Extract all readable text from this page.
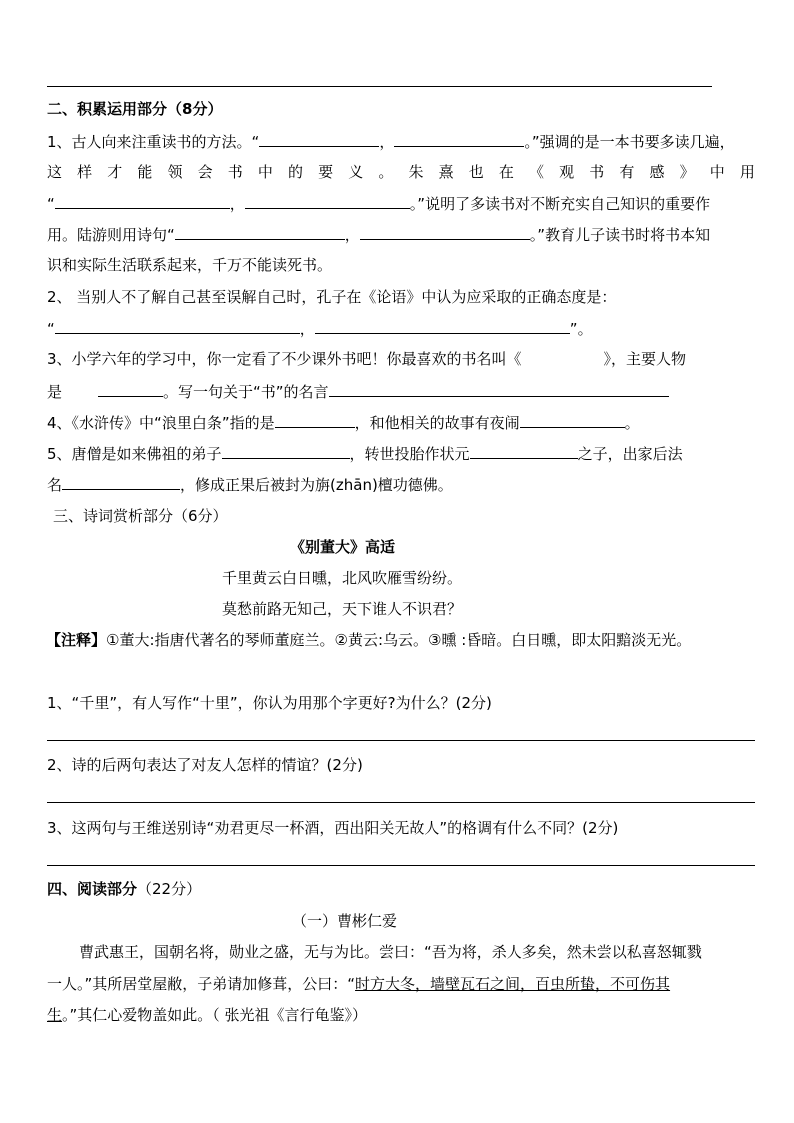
二、积累运用部分（8分）
1、古人向来注重读书的方法。“	，	。”强调的是一本书要多读几遍，
这 样 才 能 领 会 书 中 的 要 义 。 朱 熹 也 在 《 观 书 有 感 》 中 用
“	，	。”说明了多读书对不断充实自己知识的重要作
用。陆游则用诗句“	，	。”教育儿子读书时将书本知
识和实际生活联系起来，千万不能读死书。
2、 当别人不了解自己甚至误解自己时，孔子在《论语》中认为应采取的正确态度是：
“	，	”。
3、小学六年的学习中，你一定看了不少课外书吧！你最喜欢的书名叫《	》，主要人物
是	。写一句关于“书”的名言
4、《水浒传》中“浪里白条”指的是	，和他相关的故事有夜闹	。
5、唐僧是如来佛祖的弟子	，转世投胎作状元	之子，出家后法
名	，修成正果后被封为旃(zhān)檀功德佛。
三、诗词赏析部分（6分）
《别董大》高适
千里黄云白日曛，北风吹雁雪纷纷。
莫愁前路无知己，天下谁人不识君？
【注释】①董大:指唐代著名的琴师董庭兰。②黄云:乌云。③曛 :昏暗。白日曛，即太阳黯淡无光。
1、“千里”，有人写作“十里”，你认为用那个字更好?为什么？(2分)
2、诗的后两句表达了对友人怎样的情谊？(2分)
3、这两句与王维送别诗“劝君更尽一杯酒，西出阳关无故人”的格调有什么不同？(2分)
四、阅读部分（22分）
（一）曹彬仁爱
曹武惠王，国朝名将，勋业之盛，无与为比。尝曰：“吾为将，杀人多矣，然未尝以私喜怒辄戮
一人。”其所居堂屋敝，子弟请加修葺，公曰：“时方大冬，墙壁瓦石之间，百虫所蛰，不可伤其
生。”其仁心爱物盖如此。（ 张光祖《言行龟鉴》）
